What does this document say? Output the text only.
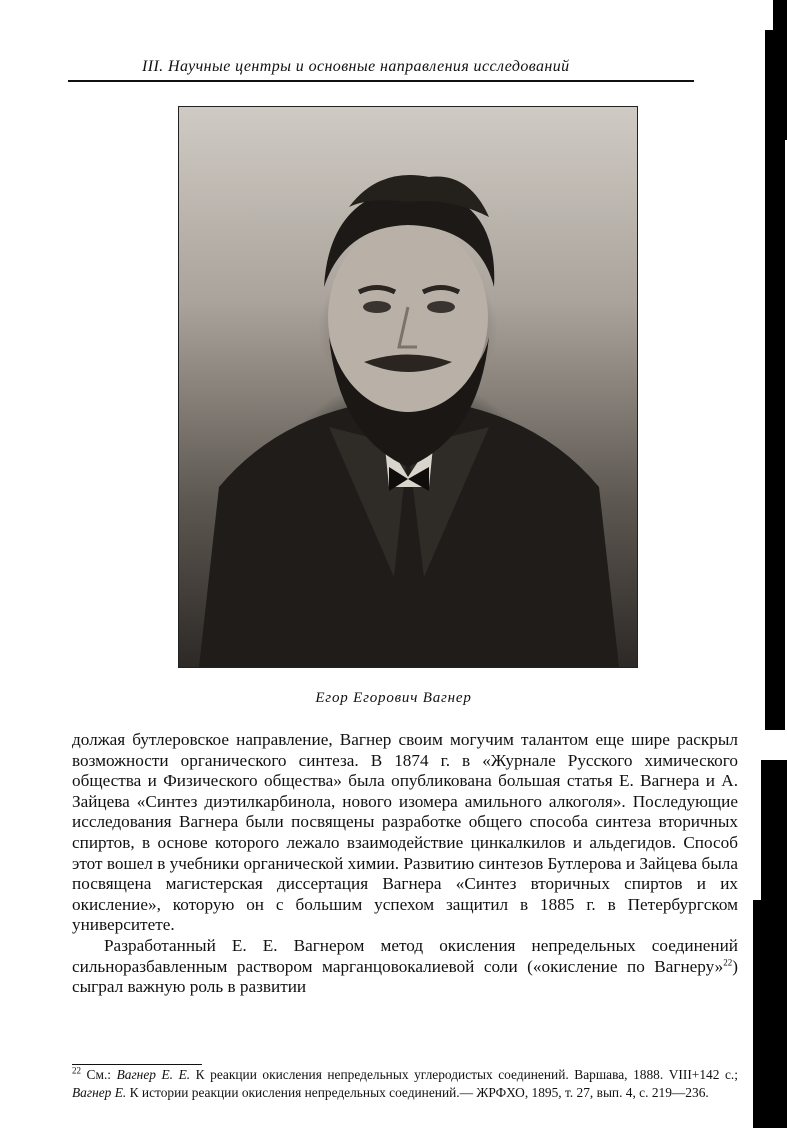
III. Научные центры и основные направления исследований
Егор Егорович Вагнер

должая бутлеровское направление, Вагнер своим могучим талантом еще шире раскрыл возможности органического синтеза. В 1874 г. в «Журнале Русского химического общества и Физического общества» была опубликована большая статья Е. Вагнера и А. Зайцева «Синтез диэтилкарбинола, нового изомера амильного алкоголя». Последующие исследования Вагнера были посвящены разработке общего способа синтеза вторичных спиртов, в основе которого лежало взаимодействие цинкалкилов и альдегидов. Способ этот вошел в учебники органической химии. Развитию синтезов Бутлерова и Зайцева была посвящена магистерская диссертация Вагнера «Синтез вторичных спиртов и их окисление», которую он с большим успехом защитил в 1885 г. в Петербургском университете.

Разработанный Е. Е. Вагнером метод окисления непредельных соединений сильноразбавленным раствором марганцовокалиевой соли («окисление по Вагнеру»$^{22}$) сыграл важную роль в развитии

$^{22}$ См.: Вагнер Е. Е. К реакции окисления непредельных углеродистых соединений. Варшава, 1888. VIII+142 с.; Вагнер Е. К истории реакции окисления непредельных соединений.— ЖРФХО, 1895, т. 27, вып. 4, с. 219—236.
